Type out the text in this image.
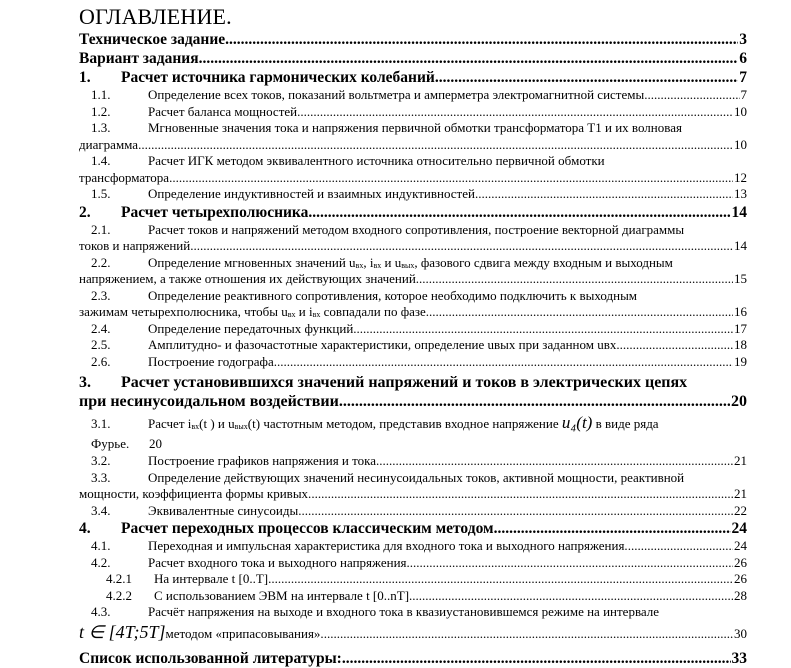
ОГЛАВЛЕНИЕ.
Техническое задание. .....	3
Вариант задания. .....	6
1.	Расчет источника гармонических колебаний .....	7
1.1.	Определение всех токов, показаний вольтметра и амперметра электромагнитной системы. .....	7
1.2.	Расчет баланса мощностей. .....	10
1.3.	Мгновенные значения тока и напряжения первичной обмотки трансформатора Т1 и их волновая
диаграмма. .....	10
1.4.	Расчет ИГК методом эквивалентного источника относительно первичной обмотки
трансформатора. .....	12
1.5.	Определение индуктивностей и взаимных индуктивностей. .....	13
2.	Расчет четырехполюсника .....	14
2.1.	Расчет токов и напряжений методом входного сопротивления, построение векторной диаграммы
токов и напряжений. .....	14
2.2.	Определение мгновенных значений $u_{вх}$, $i_{вх}$ и $u_{вых}$, фазового сдвига между входным и выходным
напряжением, а также отношения их действующих значений .....	15
2.3.	Определение реактивного сопротивления, которое необходимо подключить к выходным
зажимам четырехполюсника, чтобы $u_{вх}$ и $i_{вх}$ совпадали по фазе. .....	16
2.4.	Определение передаточных функций .....	17
2.5.	Амплитудно- и фазочастотные характеристики, определение uвых при заданном uвх. .....	18
2.6.	Построение годографа. .....	19
3.	Расчет установившихся значений напряжений и токов в электрических цепях
при несинусоидальном воздействии. .....	20
3.1.	Расчет $i_{вх}(t$ ) и $u_{вых}(t)$ частотным методом, представив входное напряжение u₄(t) в виде ряда
Фурье.	20
3.2.	Построение графиков напряжения и тока. .....	21
3.3.	Определение действующих значений несинусоидальных токов, активной мощности, реактивной
мощности, коэффициента формы кривых. .....	21
3.4.	Эквивалентные синусоиды. .....	22
4.	Расчет переходных процессов классическим методом. .....	24
4.1.	Переходная и импульсная характеристика для входного тока и выходного напряжения. .....	24
4.2.	Расчет входного тока и выходного напряжения. .....	26
4.2.1	На интервале t [0..T]. .....	26
4.2.2	С использованием ЭВМ на интервале t [0..nT]. .....	28
4.3.	Расчёт напряжения на выходе и входного тока в квазиустановившемся режиме на интервале
t ∈ [4T;5T] методом «припасовывания». .....	30
Список использованной литературы: .....	33
